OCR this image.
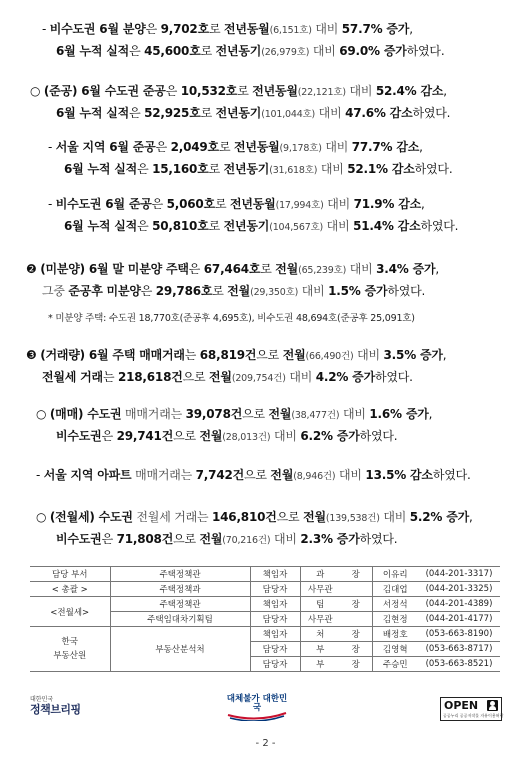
- 비수도권 6월 분양은 9,702호로 전년동월(6,151호) 대비 57.7% 증가,
6월 누적 실적은 45,600호로 전년동기(26,979호) 대비 69.0% 증가하였다.
○ (준공) 6월 수도권 준공은 10,532호로 전년동월(22,121호) 대비 52.4% 감소,
6월 누적 실적은 52,925호로 전년동기(101,044호) 대비 47.6% 감소하였다.
- 서울 지역 6월 준공은 2,049호로 전년동월(9,178호) 대비 77.7% 감소,
6월 누적 실적은 15,160호로 전년동기(31,618호) 대비 52.1% 감소하였다.
- 비수도권 6월 준공은 5,060호로 전년동월(17,994호) 대비 71.9% 감소,
6월 누적 실적은 50,810호로 전년동기(104,567호) 대비 51.4% 감소하였다.
❷ (미분양) 6월 말 미분양 주택은 67,464호로 전월(65,239호) 대비 3.4% 증가,
그중 준공후 미분양은 29,786호로 전월(29,350호) 대비 1.5% 증가하였다.
* 미분양 주택: 수도권 18,770호(준공후 4,695호), 비수도권 48,694호(준공후 25,091호)
❸ (거래량) 6월 주택 매매거래는 68,819건으로 전월(66,490건) 대비 3.5% 증가,
전월세 거래는 218,618건으로 전월(209,754건) 대비 4.2% 증가하였다.
○ (매매) 수도권 매매거래는 39,078건으로 전월(38,477건) 대비 1.6% 증가,
비수도권은 29,741건으로 전월(28,013건) 대비 6.2% 증가하였다.
- 서울 지역 아파트 매매거래는 7,742건으로 전월(8,946건) 대비 13.5% 감소하였다.
○ (전월세) 수도권 전월세 거래는 146,810건으로 전월(139,538건) 대비 5.2% 증가,
비수도권은 71,808건으로 전월(70,216건) 대비 2.3% 증가하였다.
담당 부서	주택정책관	책임자	과	장	이유리	(044-201-3317)
< 총괄 >	주택정책과	담당자	사무관		김대업	(044-201-3325)
<전월세>	주택정책관	책임자	팀	장	서정석	(044-201-4389)
	주택임대차기획팀	담당자	사무관		김현정	(044-201-4177)
한국
부동산원	부동산분석처	책임자	처	장	배정호	(053-663-8190)
		담당자	부	장	김영혁	(053-663-8717)
		담당자	부	장	주승민	(053-663-8521)
대한민국
정책브리핑
대체불가 대한민국	OPEN
공공누리 공공저작물 자유이용허락
- 2 -
